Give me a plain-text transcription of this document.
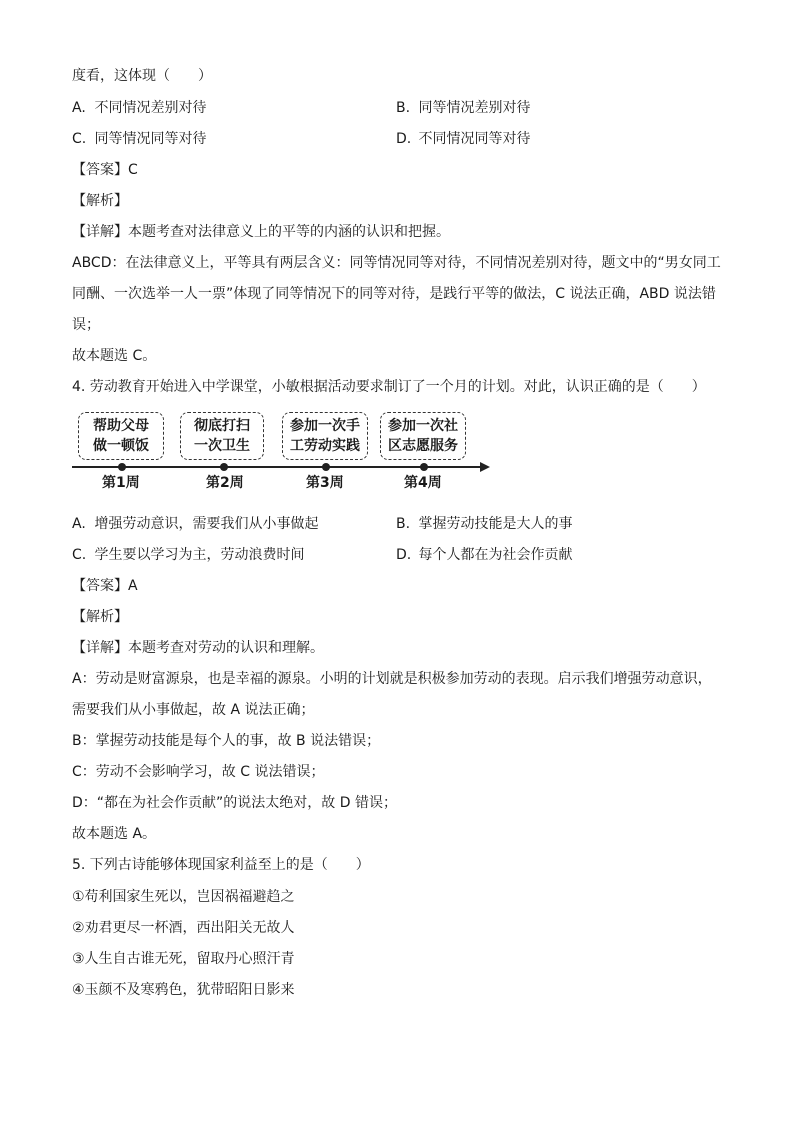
度看，这体现（　　）
A. 不同情况差别对待	B. 同等情况差别对待
C. 同等情况同等对待	D. 不同情况同等对待
【答案】C
【解析】
【详解】本题考查对法律意义上的平等的内涵的认识和把握。
ABCD：在法律意义上，平等具有两层含义：同等情况同等对待，不同情况差别对待，题文中的“男女同工
同酬、一次选举一人一票”体现了同等情况下的同等对待，是践行平等的做法，C 说法正确，ABD 说法错
误；
故本题选 C。
4. 劳动教育开始进入中学课堂，小敏根据活动要求制订了一个月的计划。对此，认识正确的是（　　）
帮助父母
做一顿饭
彻底打扫
一次卫生
参加一次手
工劳动实践
参加一次社
区志愿服务
第1周	第2周	第3周	第4周
A. 增强劳动意识，需要我们从小事做起	B. 掌握劳动技能是大人的事
C. 学生要以学习为主，劳动浪费时间	D. 每个人都在为社会作贡献
【答案】A
【解析】
【详解】本题考查对劳动的认识和理解。
A：劳动是财富源泉，也是幸福的源泉。小明的计划就是积极参加劳动的表现。启示我们增强劳动意识，
需要我们从小事做起，故 A 说法正确；
B：掌握劳动技能是每个人的事，故 B 说法错误；
C：劳动不会影响学习，故 C 说法错误；
D：“都在为社会作贡献”的说法太绝对，故 D 错误；
故本题选 A。
5. 下列古诗能够体现国家利益至上的是（　　）
①苟利国家生死以，岂因祸福避趋之
②劝君更尽一杯酒，西出阳关无故人
③人生自古谁无死，留取丹心照汗青
④玉颜不及寒鸦色，犹带昭阳日影来
